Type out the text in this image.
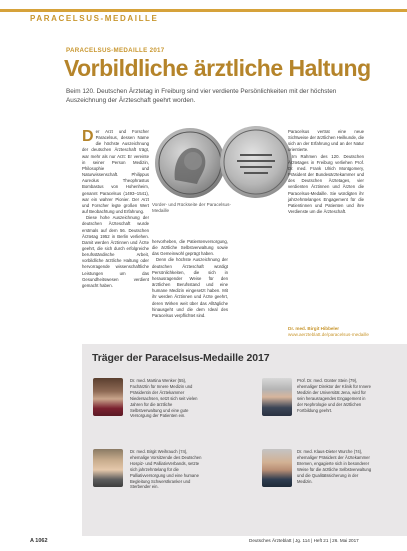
PARACELSUS-MEDAILLE
PARACELSUS-MEDAILLE 2017
Vorbildliche ärztliche Haltung

Beim 120. Deutschen Ärztetag in Freiburg sind vier verdiente Persönlichkeiten mit der höchsten Auszeichnung der Ärzteschaft geehrt worden.

D er Arzt und Forscher Paracelsus, dessen Name die höchste Auszeichnung der deutschen Ärzteschaft trägt, war mehr als nur Arzt: Er vereinte in seiner Person Medizin, Philosophie und Naturwissenschaft. Philippus Aureolus Theophrastus Bombastus von Hohenheim, genannt Paracelsus (1493–1541), war ein wahrer Pionier. Der Arzt und Forscher legte großen Wert auf Beobachtung und Erfahrung.

Diese hohe Auszeichnung der deutschen Ärzteschaft wurde erstmals auf dem 56. Deutschen Ärztetag 1952 in Berlin verliehen. Damit werden Ärztinnen und Ärzte geehrt, die sich durch erfolgreiche berufsständische Arbeit, vorbildliche ärztliche Haltung oder hervorragende wissenschaftliche Leistungen um das Gesundheitswesen verdient gemacht haben.

Vorder- und Rückseite der Paracelsus-Medaille

hervorheben, die Patientenversorgung, die ärztliche Selbstverwaltung sowie das Gemeinwohl geprägt haben.

Denn die höchste Auszeichnung der deutschen Ärzteschaft würdigt Persönlichkeiten, die sich in herausragender Weise für den ärztlichen Berufsstand und eine humane Medizin eingesetzt haben. Mit ihr werden Ärztinnen und Ärzte geehrt, deren Wirken weit über das Alltägliche hinausgeht und die dem Ideal des Paracelsus verpflichtet sind.

Paracelsus vertrat eine neue Sichtweise der ärztlichen Heilkunde, die sich an der Erfahrung und an der Natur orientierte.

Im Rahmen des 120. Deutschen Ärztetages in Freiburg verliehen Prof. Dr. med. Frank Ulrich Montgomery, Präsident der Bundesärztekammer und des Deutschen Ärztetages, vier verdienten Ärztinnen und Ärzten die Paracelsus-Medaille. Sie würdigten ihr jahrzehntelanges Engagement für die Patientinnen und Patienten und ihre Verdienste um die Ärzteschaft.

Dr. med. Birgit Hibbeler
www.aerzteblatt.de/paracelsus-medaille
Träger der Paracelsus-Medaille 2017
Dr. med. Martina Wenker (55), Fachärztin für Innere Medizin und Präsidentin der Ärztekammer Niedersachsen, setzt sich seit vielen Jahren für die ärztliche Selbstverwaltung und eine gute Versorgung der Patienten ein.
Prof. Dr. med. Günter Stein (79), ehemaliger Direktor der Klinik für Innere Medizin der Universität Jena, wird für sein herausragendes Engagement in der Nephrologie und der ärztlichen Fortbildung geehrt.
Dr. med. Birgit Weihrauch (74), ehemalige Vorsitzende des Deutschen Hospiz- und PalliativVerbands, setzte sich jahrzehntelang für die Palliativversorgung und eine humane Begleitung Schwerstkranker und Sterbender ein.
Dr. med. Klaus-Dieter Wurche (74), ehemaliger Präsident der Ärztekammer Bremen, engagierte sich in besonderer Weise für die ärztliche Selbstverwaltung und die Qualitätssicherung in der Medizin.
A 1062	Deutsches Ärzteblatt | Jg. 114 | Heft 21 | 26. Mai 2017
